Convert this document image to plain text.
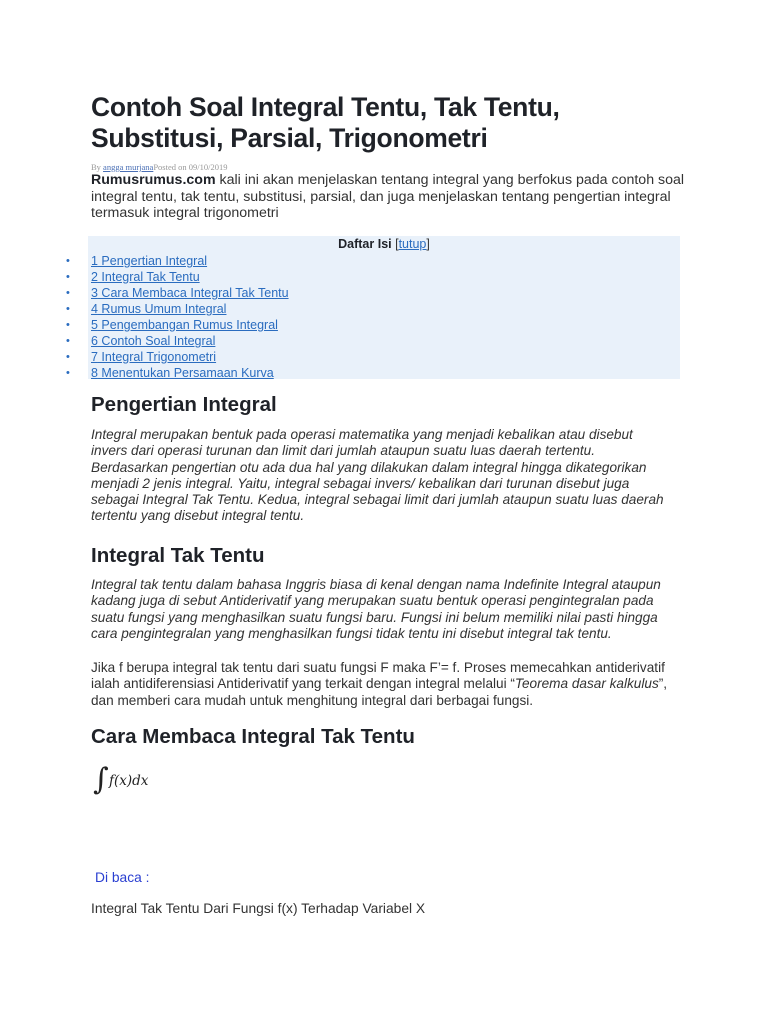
Contoh Soal Integral Tentu, Tak Tentu,
Substitusi, Parsial, Trigonometri

By angga murjanaPosted on 09/10/2019

Rumusrumus.com kali ini akan menjelaskan tentang integral yang berfokus pada contoh soal
integral tentu, tak tentu, substitusi, parsial, dan juga menjelaskan tentang pengertian integral
termasuk integral trigonometri
Daftar Isi [tutup]
• 1 Pengertian Integral
• 2 Integral Tak Tentu
• 3 Cara Membaca Integral Tak Tentu
• 4 Rumus Umum Integral
• 5 Pengembangan Rumus Integral
• 6 Contoh Soal Integral
• 7 Integral Trigonometri
• 8 Menentukan Persamaan Kurva
Pengertian Integral
Integral merupakan bentuk pada operasi matematika yang menjadi kebalikan atau disebut
invers dari operasi turunan dan limit dari jumlah ataupun suatu luas daerah tertentu.
Berdasarkan pengertian otu ada dua hal yang dilakukan dalam integral hingga dikategorikan
menjadi 2 jenis integral. Yaitu, integral sebagai invers/ kebalikan dari turunan disebut juga
sebagai Integral Tak Tentu. Kedua, integral sebagai limit dari jumlah ataupun suatu luas daerah
tertentu yang disebut integral tentu.
Integral Tak Tentu
Integral tak tentu dalam bahasa Inggris biasa di kenal dengan nama Indefinite Integral ataupun
kadang juga di sebut Antiderivatif yang merupakan suatu bentuk operasi pengintegralan pada
suatu fungsi yang menghasilkan suatu fungsi baru. Fungsi ini belum memiliki nilai pasti hingga
cara pengintegralan yang menghasilkan fungsi tidak tentu ini disebut integral tak tentu.
Jika f berupa integral tak tentu dari suatu fungsi F maka F’= f. Proses memecahkan antiderivatif
ialah antidiferensiasi Antiderivatif yang terkait dengan integral melalui “Teorema dasar kalkulus”,
dan memberi cara mudah untuk menghitung integral dari berbagai fungsi.
Cara Membaca Integral Tak Tentu
∫ f(x)dx

Di baca :

Integral Tak Tentu Dari Fungsi f(x) Terhadap Variabel X
